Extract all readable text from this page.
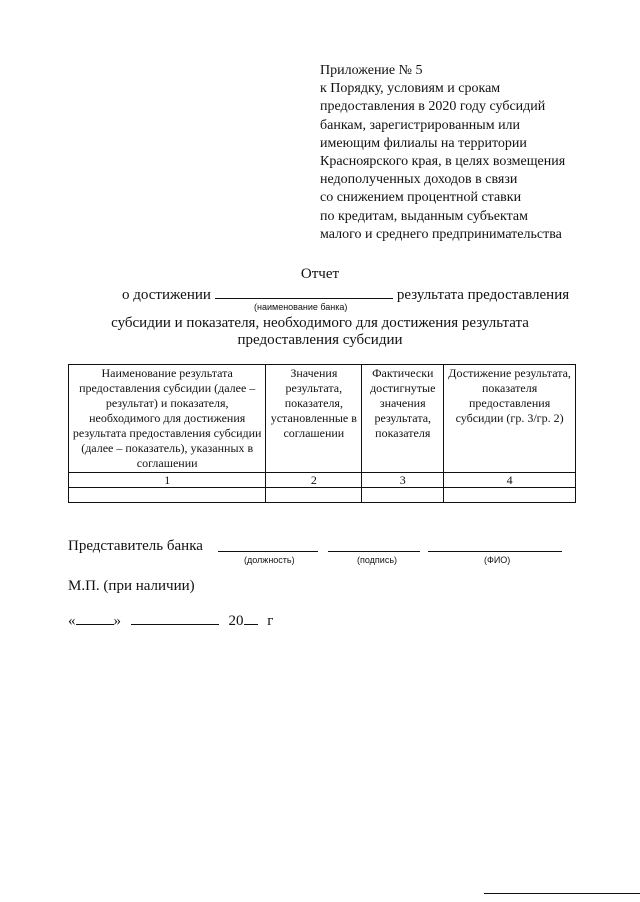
Приложение № 5
к Порядку, условиям и срокам
предоставления в 2020 году субсидий
банкам, зарегистрированным или
имеющим филиалы на территории
Красноярского края, в целях возмещения
недополученных доходов в связи
со снижением процентной ставки
по кредитам, выданным субъектам
малого и среднего предпринимательства
Отчет
о достижении	результата предоставления
(наименование банка)
субсидии и показателя, необходимого для достижения результата
предоставления субсидии
Наименование результата предоставления субсидии (далее – результат) и показателя, необходимого для достижения результата предоставления субсидии (далее – показатель), указанных в соглашении	Значения результата, показателя, установленные в соглашении	Фактически достигнутые значения результата, показателя	Достижение результата, показателя предоставления субсидии (гр. 3/гр. 2)
1	2	3	4

Представитель банка
(должность)	(подпись)	(ФИО)
М.П. (при наличии)
«	»	20 г
